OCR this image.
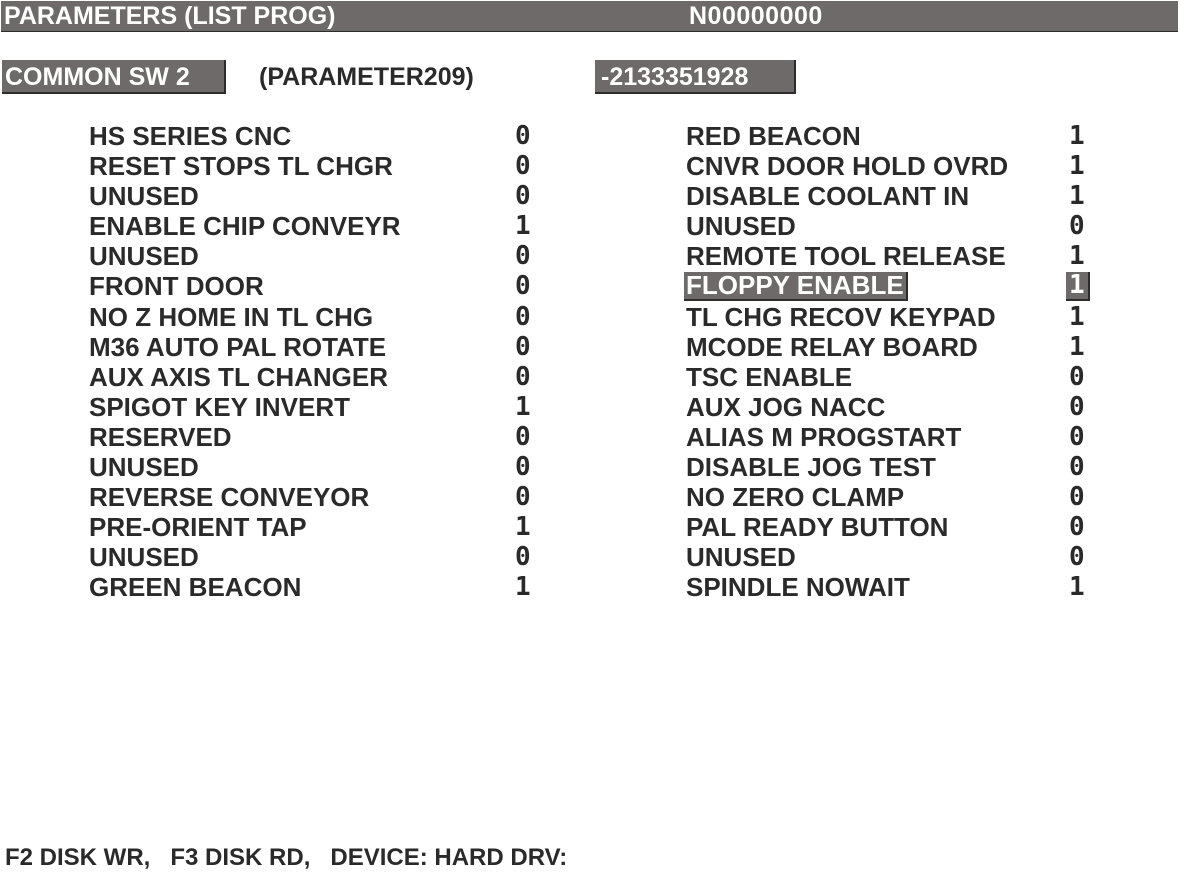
PARAMETERS (LIST PROG)	N00000000
COMMON SW 2	(PARAMETER209)	-2133351928
HS SERIES CNC	0
RESET STOPS TL CHGR	0
UNUSED	0
ENABLE CHIP CONVEYR	1
UNUSED	0
FRONT DOOR	0
NO Z HOME IN TL CHG	0
M36 AUTO PAL ROTATE	0
AUX AXIS TL CHANGER	0
SPIGOT KEY INVERT	1
RESERVED	0
UNUSED	0
REVERSE CONVEYOR	0
PRE-ORIENT TAP	1
UNUSED	0
GREEN BEACON	1
RED BEACON	1
CNVR DOOR HOLD OVRD 1
DISABLE COOLANT IN	1
UNUSED	0
REMOTE TOOL RELEASE 1
FLOPPY ENABLE	1
TL CHG RECOV KEYPAD	1
MCODE RELAY BOARD	1
TSC ENABLE	0
AUX JOG NACC	0
ALIAS M PROGSTART	0
DISABLE JOG TEST	0
NO ZERO CLAMP	0
PAL READY BUTTON	0
UNUSED	0
SPINDLE NOWAIT	1
F2 DISK WR,   F3 DISK RD,   DEVICE: HARD DRV:
